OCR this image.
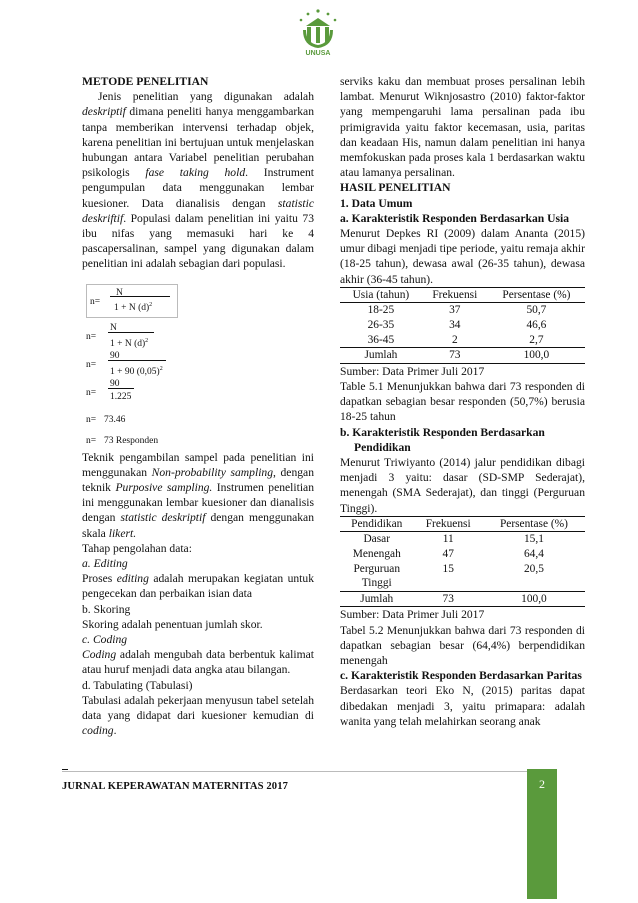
UNUSA

METODE PENELITIAN

Jenis penelitian yang digunakan adalah deskriptif dimana peneliti hanya menggambarkan tanpa memberikan intervensi terhadap objek, karena penelitian ini bertujuan untuk menjelaskan hubungan antara Variabel penelitian perubahan psikologis fase taking hold. Instrument pengumpulan data menggunakan lembar kuesioner. Data dianalisis dengan statistic deskriftif. Populasi dalam penelitian ini yaitu 73 ibu nifas yang memasuki hari ke 4 pascapersalinan, sampel yang digunakan dalam penelitian ini adalah sebagian dari populasi.

n=
N
1 + N $(d)^2$
n=
N
1 + N $(d)^2$
n=
90
1 + 90 $(0,05)^2$
n=
90
1.225
n= 73.46
n= 73 Responden

Teknik pengambilan sampel pada penelitian ini menggunakan Non-probability sampling, dengan teknik Purposive sampling. Instrumen penelitian ini menggunakan lembar kuesioner dan dianalisis dengan statistic deskriptif dengan menggunakan skala likert.

Tahap pengolahan data:

a. Editing

Proses editing adalah merupakan kegiatan untuk pengecekan dan perbaikan isian data

b. Skoring

Skoring adalah penentuan jumlah skor.

c. Coding

Coding adalah mengubah data berbentuk kalimat atau huruf menjadi data angka atau bilangan.

d. Tabulating (Tabulasi)

Tabulasi adalah pekerjaan menyusun tabel setelah data yang didapat dari kuesioner kemudian di coding.

serviks kaku dan membuat proses persalinan lebih lambat. Menurut Wiknjosastro (2010) faktor-faktor yang mempengaruhi lama persalinan pada ibu primigravida yaitu faktor kecemasan, usia, paritas dan keadaan His, namun dalam penelitian ini hanya memfokuskan pada proses kala 1 berdasarkan waktu atau lamanya persalinan.

HASIL PENELITIAN

1. Data Umum

a. Karakteristik Responden Berdasarkan Usia

Menurut Depkes RI (2009) dalam Ananta (2015) umur dibagi menjadi tipe periode, yaitu remaja akhir (18-25 tahun), dewasa awal (26-35 tahun), dewasa akhir (36-45 tahun).

Usia (tahun)	Frekuensi	Persentase (%)
18-25	37	50,7
26-35	34	46,6
36-45	2	2,7
Jumlah	73	100,0

Sumber: Data Primer Juli 2017

Table 5.1 Menunjukkan bahwa dari 73 responden di dapatkan sebagian besar responden (50,7%) berusia 18-25 tahun

b. Karakteristik Responden Berdasarkan Pendidikan

Menurut Triwiyanto (2014) jalur pendidikan dibagi menjadi 3 yaitu: dasar (SD-SMP Sederajat), menengah (SMA Sederajat), dan tinggi (Perguruan Tinggi).

Pendidikan	Frekuensi	Persentase (%)
Dasar	11	15,1
Menengah	47	64,4
Perguruan Tinggi	15	20,5
Jumlah	73	100,0

Sumber: Data Primer Juli 2017

Tabel 5.2 Menunjukkan bahwa dari 73 responden di dapatkan sebagian besar (64,4%) berpendidikan menengah

c. Karakteristik Responden Berdasarkan Paritas

Berdasarkan teori Eko N, (2015) paritas dapat dibedakan menjadi 3, yaitu primapara: adalah wanita yang telah melahirkan seorang anak

JURNAL KEPERAWATAN MATERNITAS 2017	2
